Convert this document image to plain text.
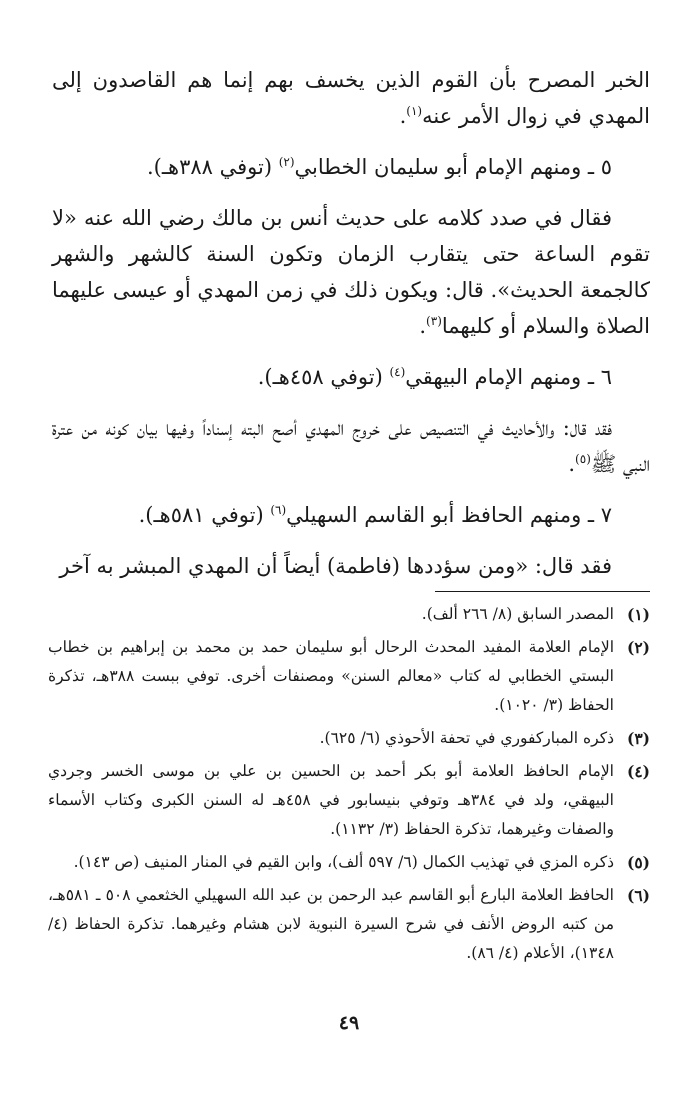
الخبر المصرح بأن القوم الذين يخسف بهم إنما هم القاصدون إلى المهدي في زوال الأمر عنه$^{(١)}$.

٥ ـ ومنهم الإمام أبو سليمان الخطابي$^{(٢)}$ (توفي ٣٨٨هـ).

فقال في صدد كلامه على حديث أنس بن مالك رضي الله عنه «لا تقوم الساعة حتى يتقارب الزمان وتكون السنة كالشهر والشهر كالجمعة الحديث». قال: ويكون ذلك في زمن المهدي أو عيسى عليهما الصلاة والسلام أو كليهما$^{(٣)}$.

٦ ـ ومنهم الإمام البيهقي$^{(٤)}$ (توفي ٤٥٨هـ).

فقد قال: والأحاديث في التنصيص على خروج المهدي أصح البته إسناداً وفيها بيان كونه من عترة النبي ﷺ$^{(٥)}$.

٧ ـ ومنهم الحافظ أبو القاسم السهيلي$^{(٦)}$ (توفي ٥٨١هـ).

فقد قال: «ومن سؤددها (فاطمة) أيضاً أن المهدي المبشر به آخر

(١)
المصدر السابق (٨/ ٢٦٦ ألف).
(٢)
الإمام العلامة المفيد المحدث الرحال أبو سليمان حمد بن محمد بن إبراهيم بن خطاب البستي الخطابي له كتاب «معالم السنن» ومصنفات أخرى. توفي ببست ٣٨٨هـ، تذكرة الحفاظ (٣/ ١٠٢٠).
(٣)
ذكره المباركفوري في تحفة الأحوذي (٦/ ٦٢٥).
(٤)
الإمام الحافظ العلامة أبو بكر أحمد بن الحسين بن علي بن موسى الخسر وجردي البيهقي، ولد في ٣٨٤هـ وتوفي بنيسابور في ٤٥٨هـ له السنن الكبرى وكتاب الأسماء والصفات وغيرهما، تذكرة الحفاظ (٣/ ١١٣٢).
(٥)
ذكره المزي في تهذيب الكمال (٦/ ٥٩٧ ألف)، وابن القيم في المنار المنيف (ص ١٤٣).
(٦)
الحافظ العلامة البارع أبو القاسم عبد الرحمن بن عبد الله السهيلي الخثعمي ٥٠٨ ـ ٥٨١هـ، من كتبه الروض الأنف في شرح السيرة النبوية لابن هشام وغيرهما. تذكرة الحفاظ (٤/ ١٣٤٨)، الأعلام (٤/ ٨٦).
٤٩
